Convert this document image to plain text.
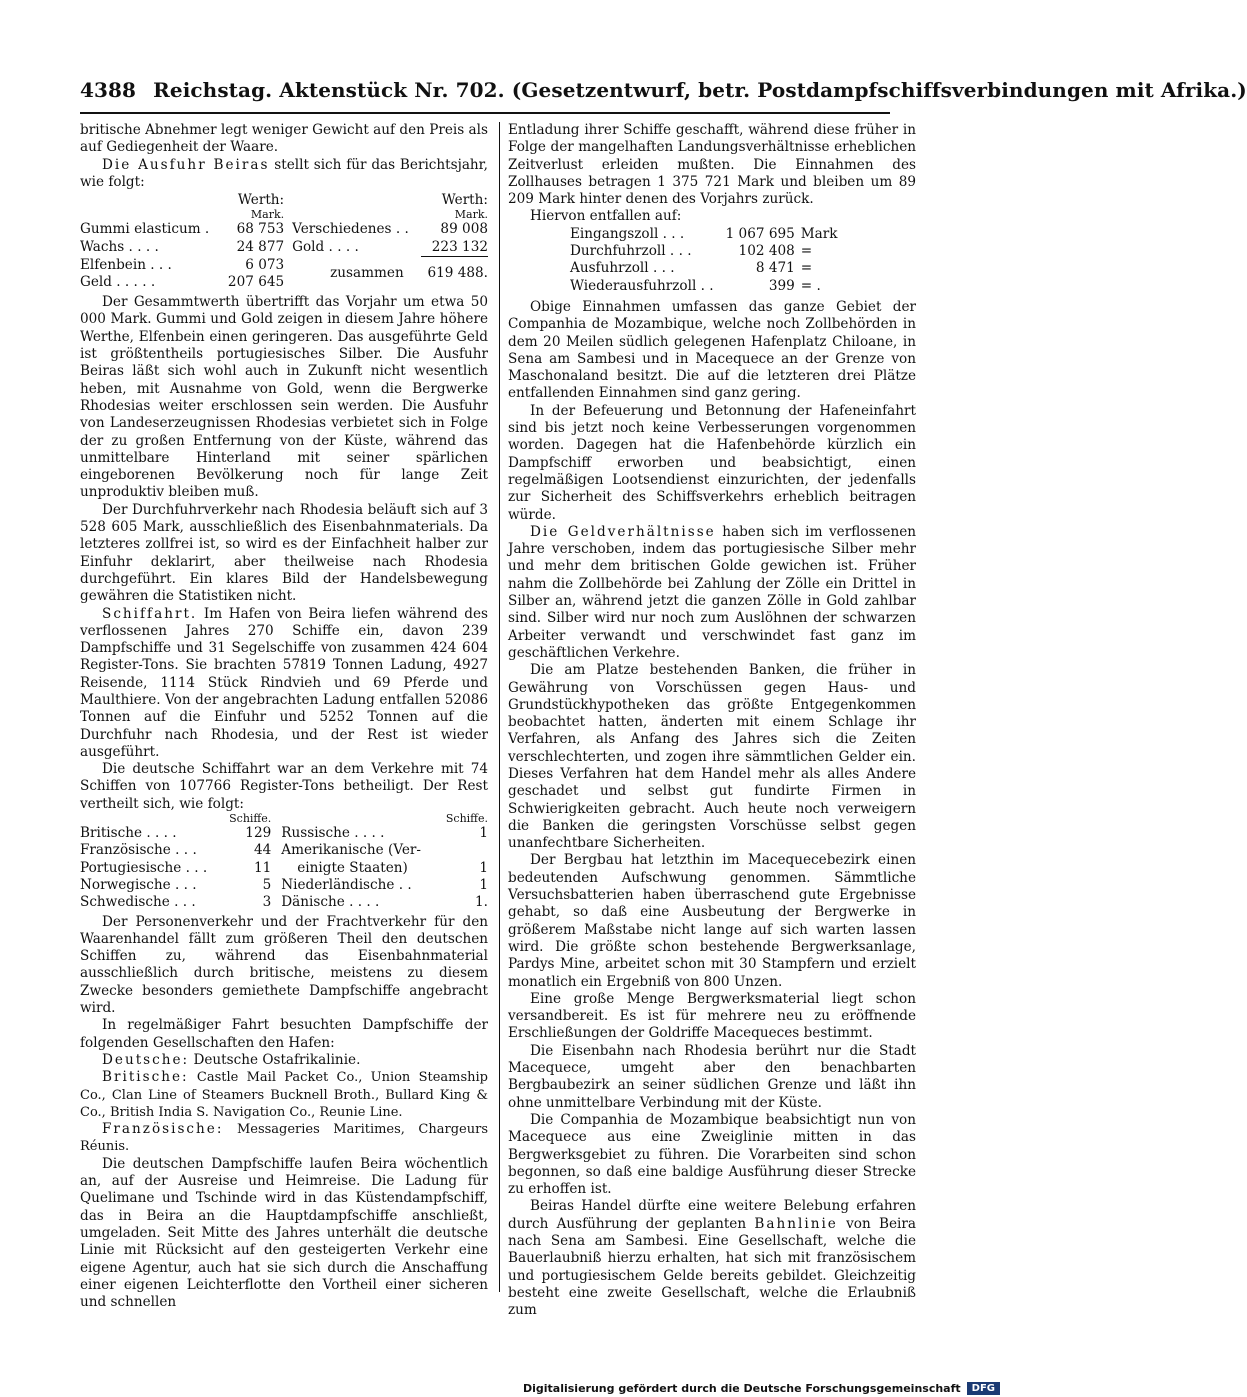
4388 Reichstag. Aktenstück Nr. 702. (Gesetzentwurf, betr. Postdampfschiffsverbindungen mit Afrika.)

britische Abnehmer legt weniger Gewicht auf den Preis als auf Gediegenheit der Waare.

Die Ausfuhr Beiras stellt sich für das Berichtsjahr, wie folgt:

	Werth:		Werth:
	Mark.		Mark.
Gummi elasticum .	68 753	Verschiedenes . .	89 008
Wachs . . . .	24 877	Gold . . . .	223 132
Elfenbein . . .	6 073	zusammen	619 488.
Geld . . . . .	207 645		

Der Gesammtwerth übertrifft das Vorjahr um etwa 50 000 Mark. Gummi und Gold zeigen in diesem Jahre höhere Werthe, Elfenbein einen geringeren. Das ausgeführte Geld ist größtentheils portugiesisches Silber. Die Ausfuhr Beiras läßt sich wohl auch in Zukunft nicht wesentlich heben, mit Ausnahme von Gold, wenn die Bergwerke Rhodesias weiter erschlossen sein werden. Die Ausfuhr von Landeserzeugnissen Rhodesias verbietet sich in Folge der zu großen Entfernung von der Küste, während das unmittelbare Hinterland mit seiner spärlichen eingeborenen Bevölkerung noch für lange Zeit unproduktiv bleiben muß.

Der Durchfuhrverkehr nach Rhodesia beläuft sich auf 3 528 605 Mark, ausschließlich des Eisenbahnmaterials. Da letzteres zollfrei ist, so wird es der Einfachheit halber zur Einfuhr deklarirt, aber theilweise nach Rhodesia durchgeführt. Ein klares Bild der Handelsbewegung gewähren die Statistiken nicht.

Schiffahrt. Im Hafen von Beira liefen während des verflossenen Jahres 270 Schiffe ein, davon 239 Dampfschiffe und 31 Segelschiffe von zusammen 424 604 Register-Tons. Sie brachten 57819 Tonnen Ladung, 4927 Reisende, 1114 Stück Rindvieh und 69 Pferde und Maulthiere. Von der angebrachten Ladung entfallen 52086 Tonnen auf die Einfuhr und 5252 Tonnen auf die Durchfuhr nach Rhodesia, und der Rest ist wieder ausgeführt.

Die deutsche Schiffahrt war an dem Verkehre mit 74 Schiffen von 107766 Register-Tons betheiligt. Der Rest vertheilt sich, wie folgt:

	Schiffe.		Schiffe.
Britische . . . .	129	Russische . . . .	1
Französische . . .	44	Amerikanische (Ver-	
Portugiesische . . .	11	einigte Staaten)	1
Norwegische . . .	5	Niederländische . .	1
Schwedische . . .	3	Dänische . . . .	1.

Der Personenverkehr und der Frachtverkehr für den Waarenhandel fällt zum größeren Theil den deutschen Schiffen zu, während das Eisenbahnmaterial ausschließlich durch britische, meistens zu diesem Zwecke besonders gemiethete Dampfschiffe angebracht wird.

In regelmäßiger Fahrt besuchten Dampfschiffe der folgenden Gesellschaften den Hafen:

Deutsche: Deutsche Ostafrikalinie.

Britische: Castle Mail Packet Co., Union Steamship Co., Clan Line of Steamers Bucknell Broth., Bullard King & Co., British India S. Navigation Co., Reunie Line.

Französische: Messageries Maritimes, Chargeurs Réunis.

Die deutschen Dampfschiffe laufen Beira wöchentlich an, auf der Ausreise und Heimreise. Die Ladung für Quelimane und Tschinde wird in das Küstendampfschiff, das in Beira an die Hauptdampfschiffe anschließt, umgeladen. Seit Mitte des Jahres unterhält die deutsche Linie mit Rücksicht auf den gesteigerten Verkehr eine eigene Agentur, auch hat sie sich durch die Anschaffung einer eigenen Leichterflotte den Vortheil einer sicheren und schnellen

Entladung ihrer Schiffe geschafft, während diese früher in Folge der mangelhaften Landungsverhältnisse erheblichen Zeitverlust erleiden mußten. Die Einnahmen des Zollhauses betragen 1 375 721 Mark und bleiben um 89 209 Mark hinter denen des Vorjahrs zurück.

Hiervon entfallen auf:

Eingangszoll . . .	1 067 695	Mark
Durchfuhrzoll . . .	102 408	=
Ausfuhrzoll . . .	8 471	=
Wiederausfuhrzoll . .	399	= .

Obige Einnahmen umfassen das ganze Gebiet der Companhia de Mozambique, welche noch Zollbehörden in dem 20 Meilen südlich gelegenen Hafenplatz Chiloane, in Sena am Sambesi und in Macequece an der Grenze von Maschonaland besitzt. Die auf die letzteren drei Plätze entfallenden Einnahmen sind ganz gering.

In der Befeuerung und Betonnung der Hafeneinfahrt sind bis jetzt noch keine Verbesserungen vorgenommen worden. Dagegen hat die Hafenbehörde kürzlich ein Dampfschiff erworben und beabsichtigt, einen regelmäßigen Lootsendienst einzurichten, der jedenfalls zur Sicherheit des Schiffsverkehrs erheblich beitragen würde.

Die Geldverhältnisse haben sich im verflossenen Jahre verschoben, indem das portugiesische Silber mehr und mehr dem britischen Golde gewichen ist. Früher nahm die Zollbehörde bei Zahlung der Zölle ein Drittel in Silber an, während jetzt die ganzen Zölle in Gold zahlbar sind. Silber wird nur noch zum Auslöhnen der schwarzen Arbeiter verwandt und verschwindet fast ganz im geschäftlichen Verkehre.

Die am Platze bestehenden Banken, die früher in Gewährung von Vorschüssen gegen Haus- und Grundstückhypotheken das größte Entgegenkommen beobachtet hatten, änderten mit einem Schlage ihr Verfahren, als Anfang des Jahres sich die Zeiten verschlechterten, und zogen ihre sämmtlichen Gelder ein. Dieses Verfahren hat dem Handel mehr als alles Andere geschadet und selbst gut fundirte Firmen in Schwierigkeiten gebracht. Auch heute noch verweigern die Banken die geringsten Vorschüsse selbst gegen unanfechtbare Sicherheiten.

Der Bergbau hat letzthin im Macequecebezirk einen bedeutenden Aufschwung genommen. Sämmtliche Versuchsbatterien haben überraschend gute Ergebnisse gehabt, so daß eine Ausbeutung der Bergwerke in größerem Maßstabe nicht lange auf sich warten lassen wird. Die größte schon bestehende Bergwerksanlage, Pardys Mine, arbeitet schon mit 30 Stampfern und erzielt monatlich ein Ergebniß von 800 Unzen.

Eine große Menge Bergwerksmaterial liegt schon versandbereit. Es ist für mehrere neu zu eröffnende Erschließungen der Goldriffe Macequeces bestimmt.

Die Eisenbahn nach Rhodesia berührt nur die Stadt Macequece, umgeht aber den benachbarten Bergbaubezirk an seiner südlichen Grenze und läßt ihn ohne unmittelbare Verbindung mit der Küste.

Die Companhia de Mozambique beabsichtigt nun von Macequece aus eine Zweiglinie mitten in das Bergwerksgebiet zu führen. Die Vorarbeiten sind schon begonnen, so daß eine baldige Ausführung dieser Strecke zu erhoffen ist.

Beiras Handel dürfte eine weitere Belebung erfahren durch Ausführung der geplanten Bahnlinie von Beira nach Sena am Sambesi. Eine Gesellschaft, welche die Bauerlaubniß hierzu erhalten, hat sich mit französischem und portugiesischem Gelde bereits gebildet. Gleichzeitig besteht eine zweite Gesellschaft, welche die Erlaubniß zum

Digitalisierung gefördert durch die Deutsche Forschungsgemeinschaft	DFG
